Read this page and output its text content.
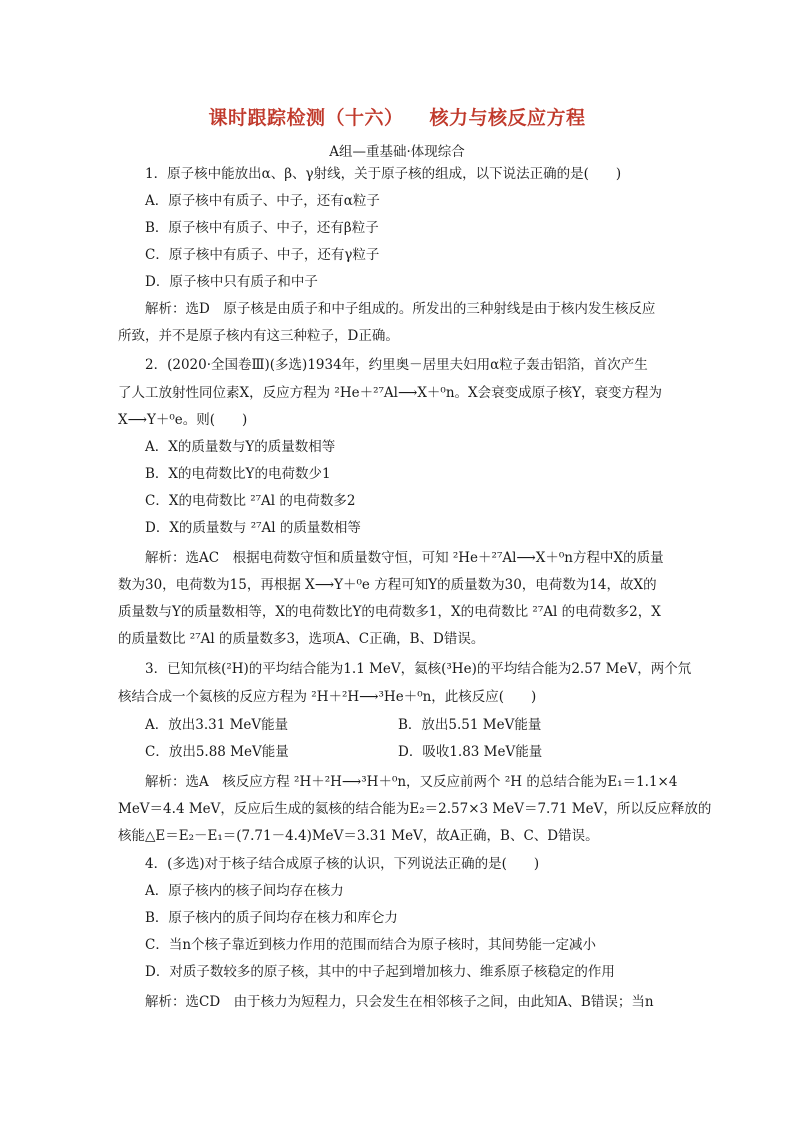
课时跟踪检测（十六） 核力与核反应方程
A组—重基础·体现综合
1．原子核中能放出α、β、γ射线，关于原子核的组成，以下说法正确的是(　　)
A．原子核中有质子、中子，还有α粒子
B．原子核中有质子、中子，还有β粒子
C．原子核中有质子、中子，还有γ粒子
D．原子核中只有质子和中子
解析：选D　原子核是由质子和中子组成的。所发出的三种射线是由于核内发生核反应
所致，并不是原子核内有这三种粒子，D正确。
2．(2020·全国卷Ⅲ)(多选)1934年，约里奥－居里夫妇用α粒子轰击铝箔，首次产生
了人工放射性同位素X，反应方程为 ²He＋²⁷Al⟶X＋⁰n。X会衰变成原子核Y，衰变方程为
X⟶Y＋⁰e。则(　　)
A．X的质量数与Y的质量数相等
B．X的电荷数比Y的电荷数少1
C．X的电荷数比 ²⁷Al 的电荷数多2
D．X的质量数与 ²⁷Al 的质量数相等
解析：选AC　根据电荷数守恒和质量数守恒，可知 ²He＋²⁷Al⟶X＋⁰n方程中X的质量
数为30，电荷数为15，再根据 X⟶Y＋⁰e 方程可知Y的质量数为30，电荷数为14，故X的
质量数与Y的质量数相等，X的电荷数比Y的电荷数多1，X的电荷数比 ²⁷Al 的电荷数多2，X
的质量数比 ²⁷Al 的质量数多3，选项A、C正确，B、D错误。
3．已知氘核(²H)的平均结合能为1.1 MeV，氦核(³He)的平均结合能为2.57 MeV，两个氘
核结合成一个氦核的反应方程为 ²H＋²H⟶³He＋⁰n，此核反应(　　)
A．放出3.31 MeV能量	B．放出5.51 MeV能量
C．放出5.88 MeV能量	D．吸收1.83 MeV能量
解析：选A　核反应方程 ²H＋²H⟶³H＋⁰n，又反应前两个 ²H 的总结合能为E₁＝1.1×4
MeV＝4.4 MeV，反应后生成的氦核的结合能为E₂＝2.57×3 MeV＝7.71 MeV，所以反应释放的
核能△E＝E₂－E₁＝(7.71－4.4)MeV＝3.31 MeV，故A正确，B、C、D错误。
4．(多选)对于核子结合成原子核的认识，下列说法正确的是(　　)
A．原子核内的核子间均存在核力
B．原子核内的质子间均存在核力和库仑力
C．当n个核子靠近到核力作用的范围而结合为原子核时，其间势能一定减小
D．对质子数较多的原子核，其中的中子起到增加核力、维系原子核稳定的作用
解析：选CD　由于核力为短程力，只会发生在相邻核子之间，由此知A、B错误；当n
